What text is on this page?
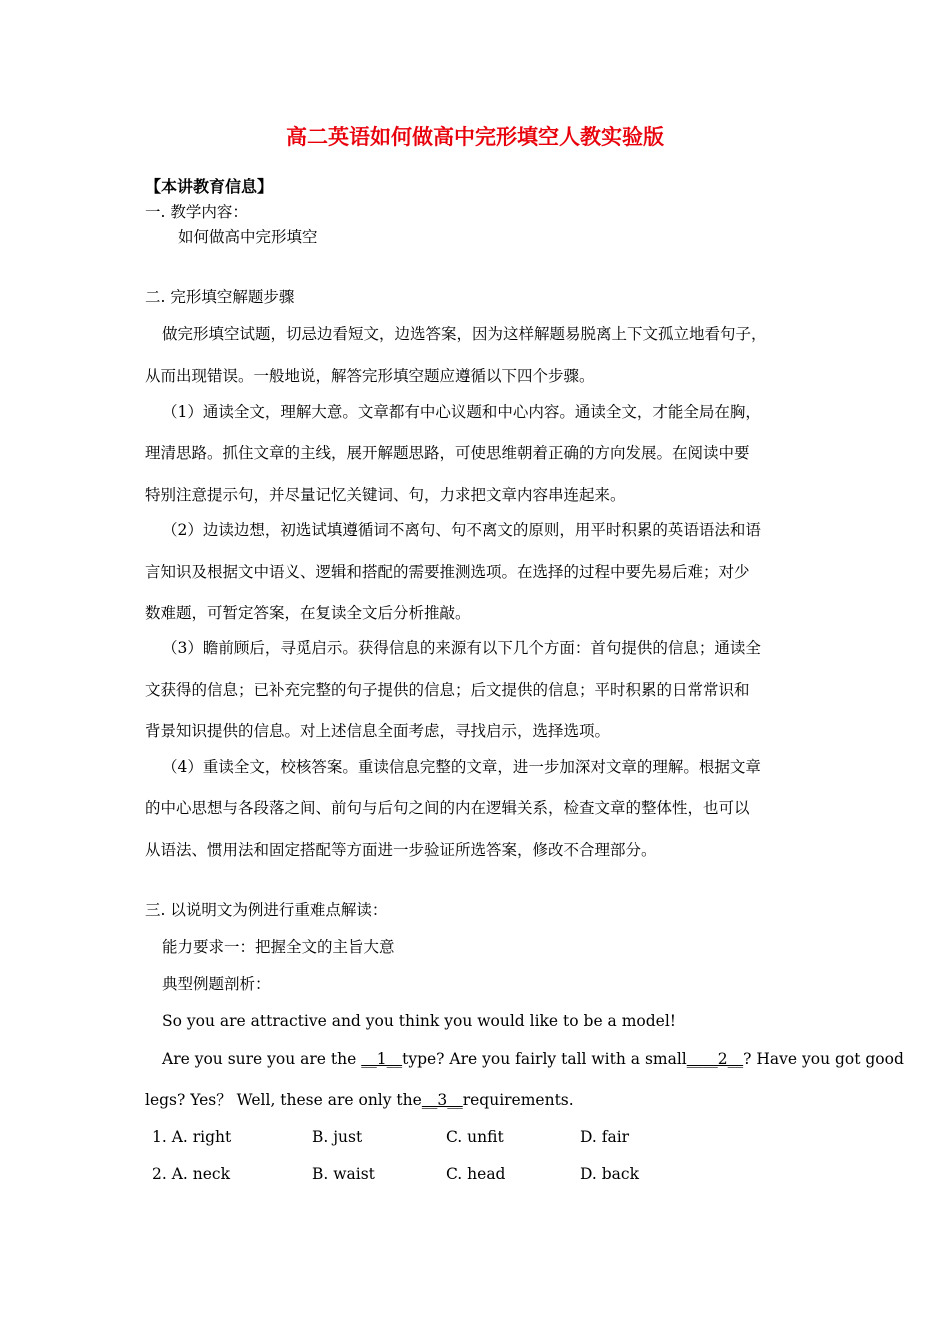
高二英语如何做高中完形填空人教实验版
【本讲教育信息】
一. 教学内容：
如何做高中完形填空
二. 完形填空解题步骤
做完形填空试题，切忌边看短文，边选答案，因为这样解题易脱离上下文孤立地看句子，
从而出现错误。一般地说，解答完形填空题应遵循以下四个步骤。
（1）通读全文，理解大意。文章都有中心议题和中心内容。通读全文，才能全局在胸，
理清思路。抓住文章的主线，展开解题思路，可使思维朝着正确的方向发展。在阅读中要
特别注意提示句，并尽量记忆关键词、句，力求把文章内容串连起来。
（2）边读边想，初选试填遵循词不离句、句不离文的原则，用平时积累的英语语法和语
言知识及根据文中语义、逻辑和搭配的需要推测选项。在选择的过程中要先易后难；对少
数难题，可暂定答案，在复读全文后分析推敲。
（3）瞻前顾后，寻觅启示。获得信息的来源有以下几个方面：首句提供的信息；通读全
文获得的信息；已补充完整的句子提供的信息；后文提供的信息；平时积累的日常常识和
背景知识提供的信息。对上述信息全面考虑，寻找启示，选择选项。
（4）重读全文，校核答案。重读信息完整的文章，进一步加深对文章的理解。根据文章
的中心思想与各段落之间、前句与后句之间的内在逻辑关系，检查文章的整体性，也可以
从语法、惯用法和固定搭配等方面进一步验证所选答案，修改不合理部分。
三. 以说明文为例进行重难点解读：
能力要求一：把握全文的主旨大意
典型例题剖析：
So you are attractive and you think you would like to be a model!
Are you sure you are the __1__type? Are you fairly tall with a small____2__? Have you got good
legs? Yes？ Well, these are only the__3__requirements.
1. A. right	B. just	C. unfit	D. fair
2. A. neck	B. waist	C. head	D. back
